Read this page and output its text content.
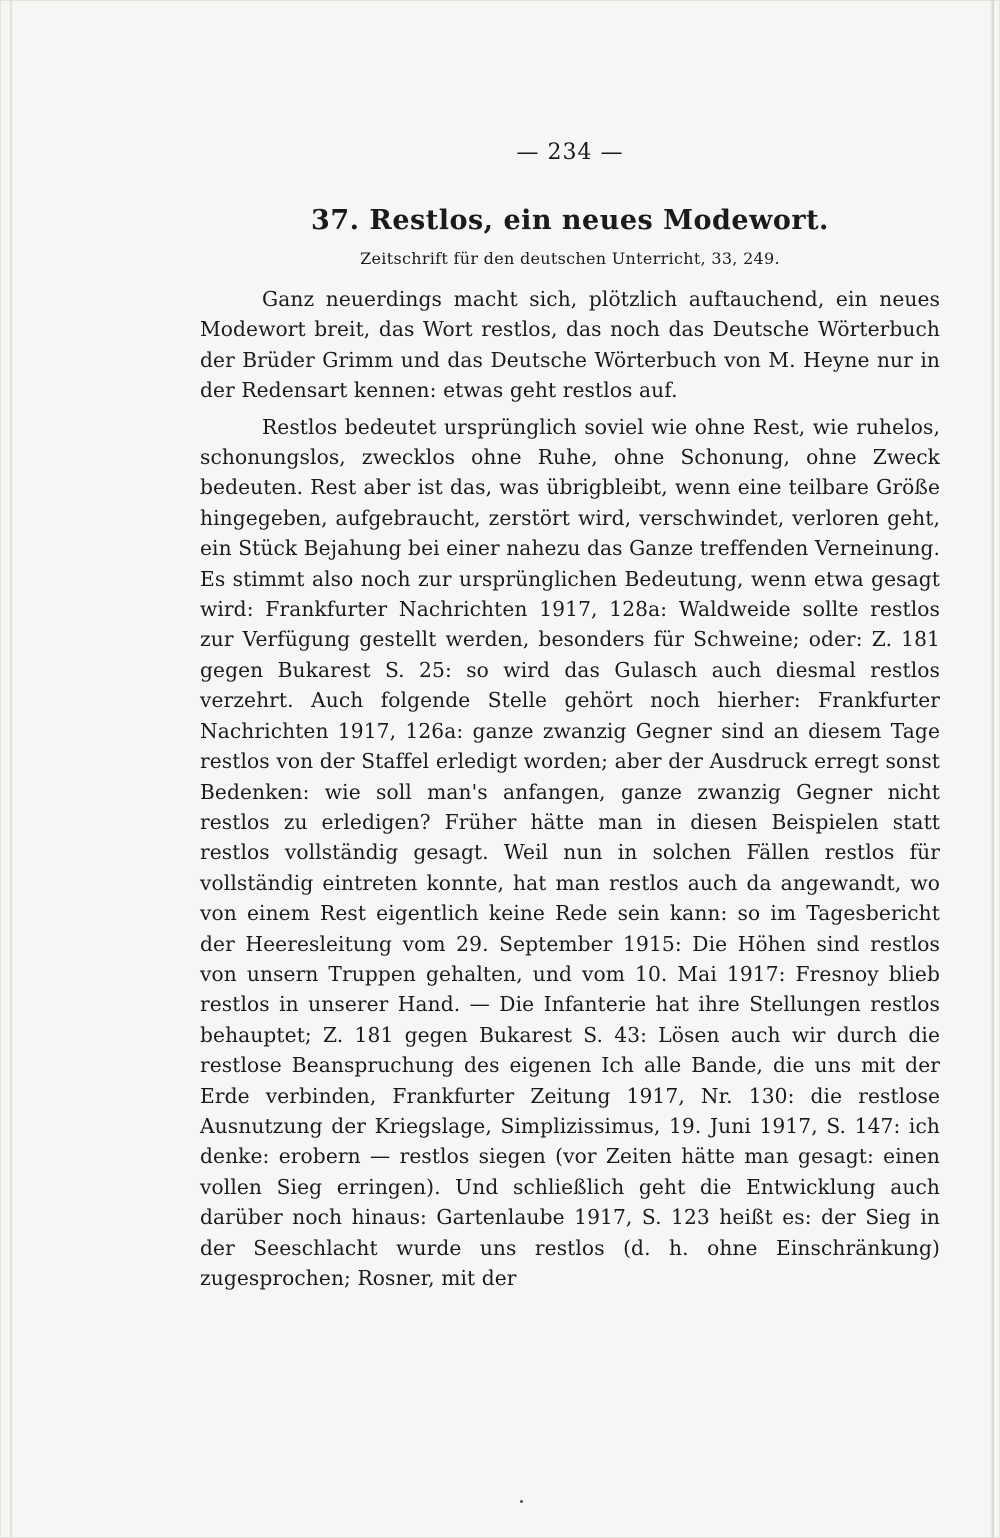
— 234 —
37. Restlos, ein neues Modewort.
Zeitschrift für den deutschen Unterricht, 33, 249.

Ganz neuerdings macht sich, plötzlich auftauchend, ein neues Modewort breit, das Wort restlos, das noch das Deutsche Wörterbuch der Brüder Grimm und das Deutsche Wörterbuch von M. Heyne nur in der Redensart kennen: etwas geht restlos auf.

Restlos bedeutet ursprünglich soviel wie ohne Rest, wie ruhelos, schonungslos, zwecklos ohne Ruhe, ohne Schonung, ohne Zweck bedeuten. Rest aber ist das, was übrigbleibt, wenn eine teilbare Größe hingegeben, aufgebraucht, zerstört wird, verschwindet, verloren geht, ein Stück Bejahung bei einer nahezu das Ganze treffenden Verneinung. Es stimmt also noch zur ursprünglichen Bedeutung, wenn etwa gesagt wird: Frankfurter Nachrichten 1917, 128a: Waldweide sollte restlos zur Verfügung gestellt werden, besonders für Schweine; oder: Z. 181 gegen Bukarest S. 25: so wird das Gulasch auch diesmal restlos verzehrt. Auch folgende Stelle gehört noch hierher: Frankfurter Nachrichten 1917, 126a: ganze zwanzig Gegner sind an diesem Tage restlos von der Staffel erledigt worden; aber der Ausdruck erregt sonst Bedenken: wie soll man's anfangen, ganze zwanzig Gegner nicht restlos zu erledigen? Früher hätte man in diesen Beispielen statt restlos vollständig gesagt. Weil nun in solchen Fällen restlos für vollständig eintreten konnte, hat man restlos auch da angewandt, wo von einem Rest eigentlich keine Rede sein kann: so im Tagesbericht der Heeresleitung vom 29. September 1915: Die Höhen sind restlos von unsern Truppen gehalten, und vom 10. Mai 1917: Fresnoy blieb restlos in unserer Hand. — Die Infanterie hat ihre Stellungen restlos behauptet; Z. 181 gegen Bukarest S. 43: Lösen auch wir durch die restlose Beanspruchung des eigenen Ich alle Bande, die uns mit der Erde verbinden, Frankfurter Zeitung 1917, Nr. 130: die restlose Ausnutzung der Kriegslage, Simplizissimus, 19. Juni 1917, S. 147: ich denke: erobern — restlos siegen (vor Zeiten hätte man gesagt: einen vollen Sieg erringen). Und schließlich geht die Entwicklung auch darüber noch hinaus: Gartenlaube 1917, S. 123 heißt es: der Sieg in der Seeschlacht wurde uns restlos (d. h. ohne Einschränkung) zugesprochen; Rosner, mit der
